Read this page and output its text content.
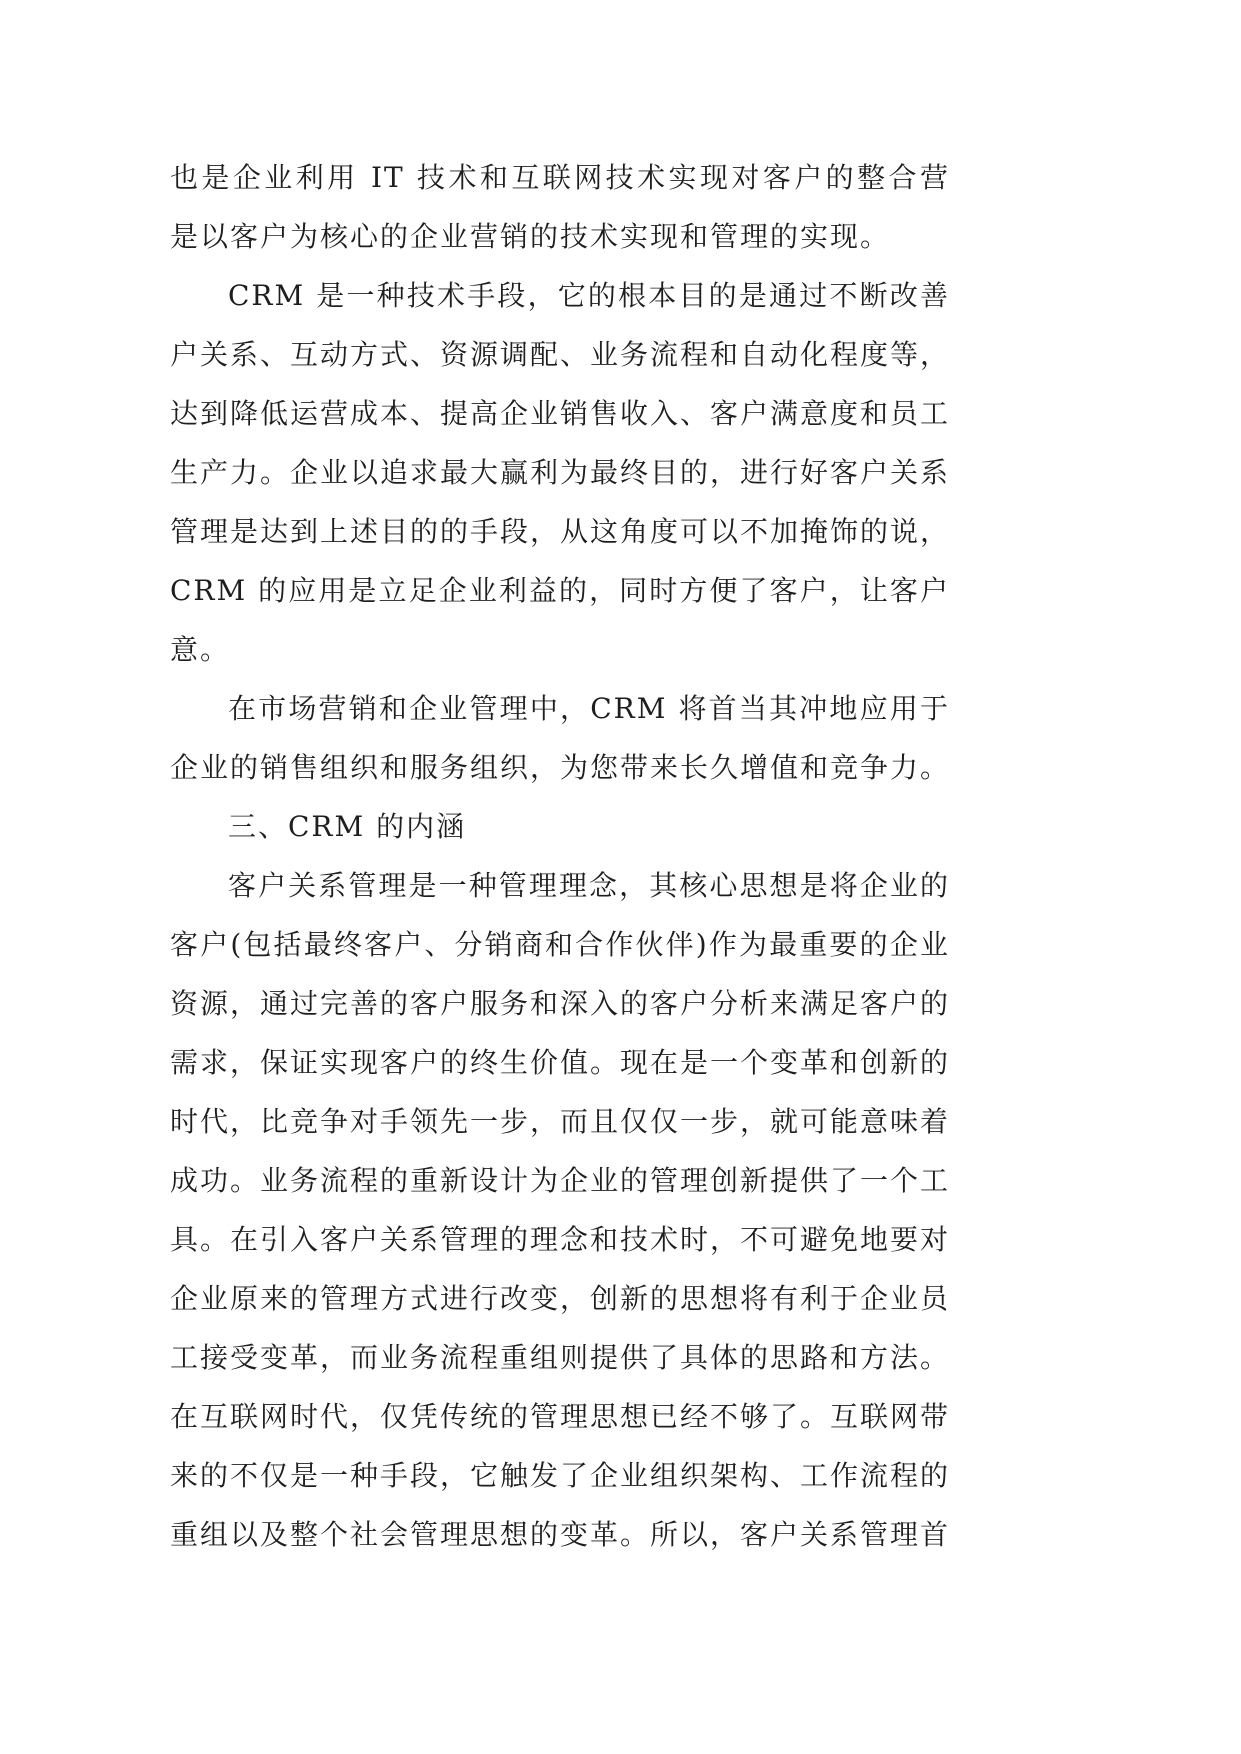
也是企业利用 IT 技术和互联网技术实现对客户的整合营
是以客户为核心的企业营销的技术实现和管理的实现。
CRM 是一种技术手段，它的根本目的是通过不断改善
户关系、互动方式、资源调配、业务流程和自动化程度等，
达到降低运营成本、提高企业销售收入、客户满意度和员工
生产力。企业以追求最大赢利为最终目的，进行好客户关系
管理是达到上述目的的手段，从这角度可以不加掩饰的说，
CRM 的应用是立足企业利益的，同时方便了客户，让客户
意。
在市场营销和企业管理中，CRM 将首当其冲地应用于
企业的销售组织和服务组织，为您带来长久增值和竞争力。
三、CRM 的内涵
客户关系管理是一种管理理念，其核心思想是将企业的
客户(包括最终客户、分销商和合作伙伴)作为最重要的企业
资源，通过完善的客户服务和深入的客户分析来满足客户的
需求，保证实现客户的终生价值。现在是一个变革和创新的
时代，比竞争对手领先一步，而且仅仅一步，就可能意味着
成功。业务流程的重新设计为企业的管理创新提供了一个工
具。在引入客户关系管理的理念和技术时，不可避免地要对
企业原来的管理方式进行改变，创新的思想将有利于企业员
工接受变革，而业务流程重组则提供了具体的思路和方法。
在互联网时代，仅凭传统的管理思想已经不够了。互联网带
来的不仅是一种手段，它触发了企业组织架构、工作流程的
重组以及整个社会管理思想的变革。所以，客户关系管理首
